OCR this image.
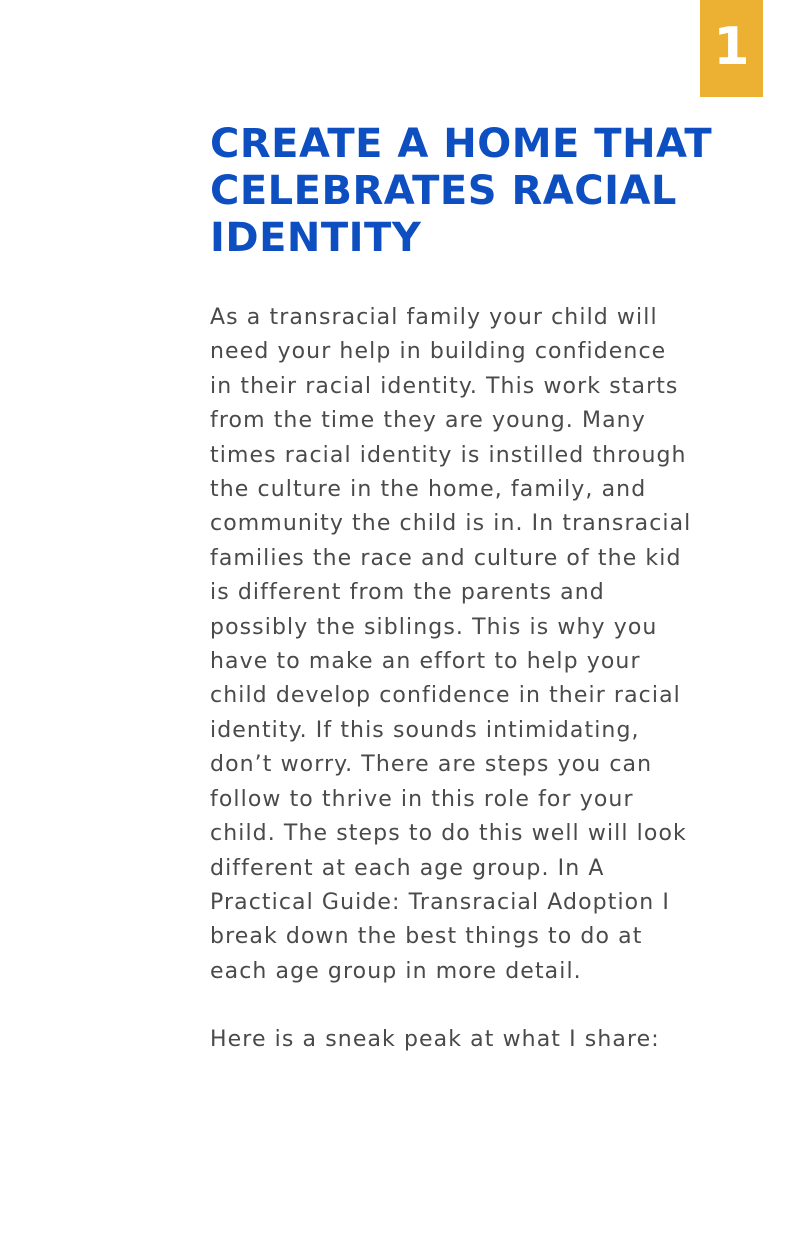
1
CREATE A HOME THAT
CELEBRATES RACIAL
IDENTITY

As a transracial family your child will
need your help in building confidence
in their racial identity. This work starts
from the time they are young. Many
times racial identity is instilled through
the culture in the home, family, and
community the child is in. In transracial
families the race and culture of the kid
is different from the parents and
possibly the siblings. This is why you
have to make an effort to help your
child develop confidence in their racial
identity. If this sounds intimidating,
don’t worry. There are steps you can
follow to thrive in this role for your
child. The steps to do this well will look
different at each age group. In A
Practical Guide: Transracial Adoption I
break down the best things to do at
each age group in more detail.

Here is a sneak peak at what I share:
